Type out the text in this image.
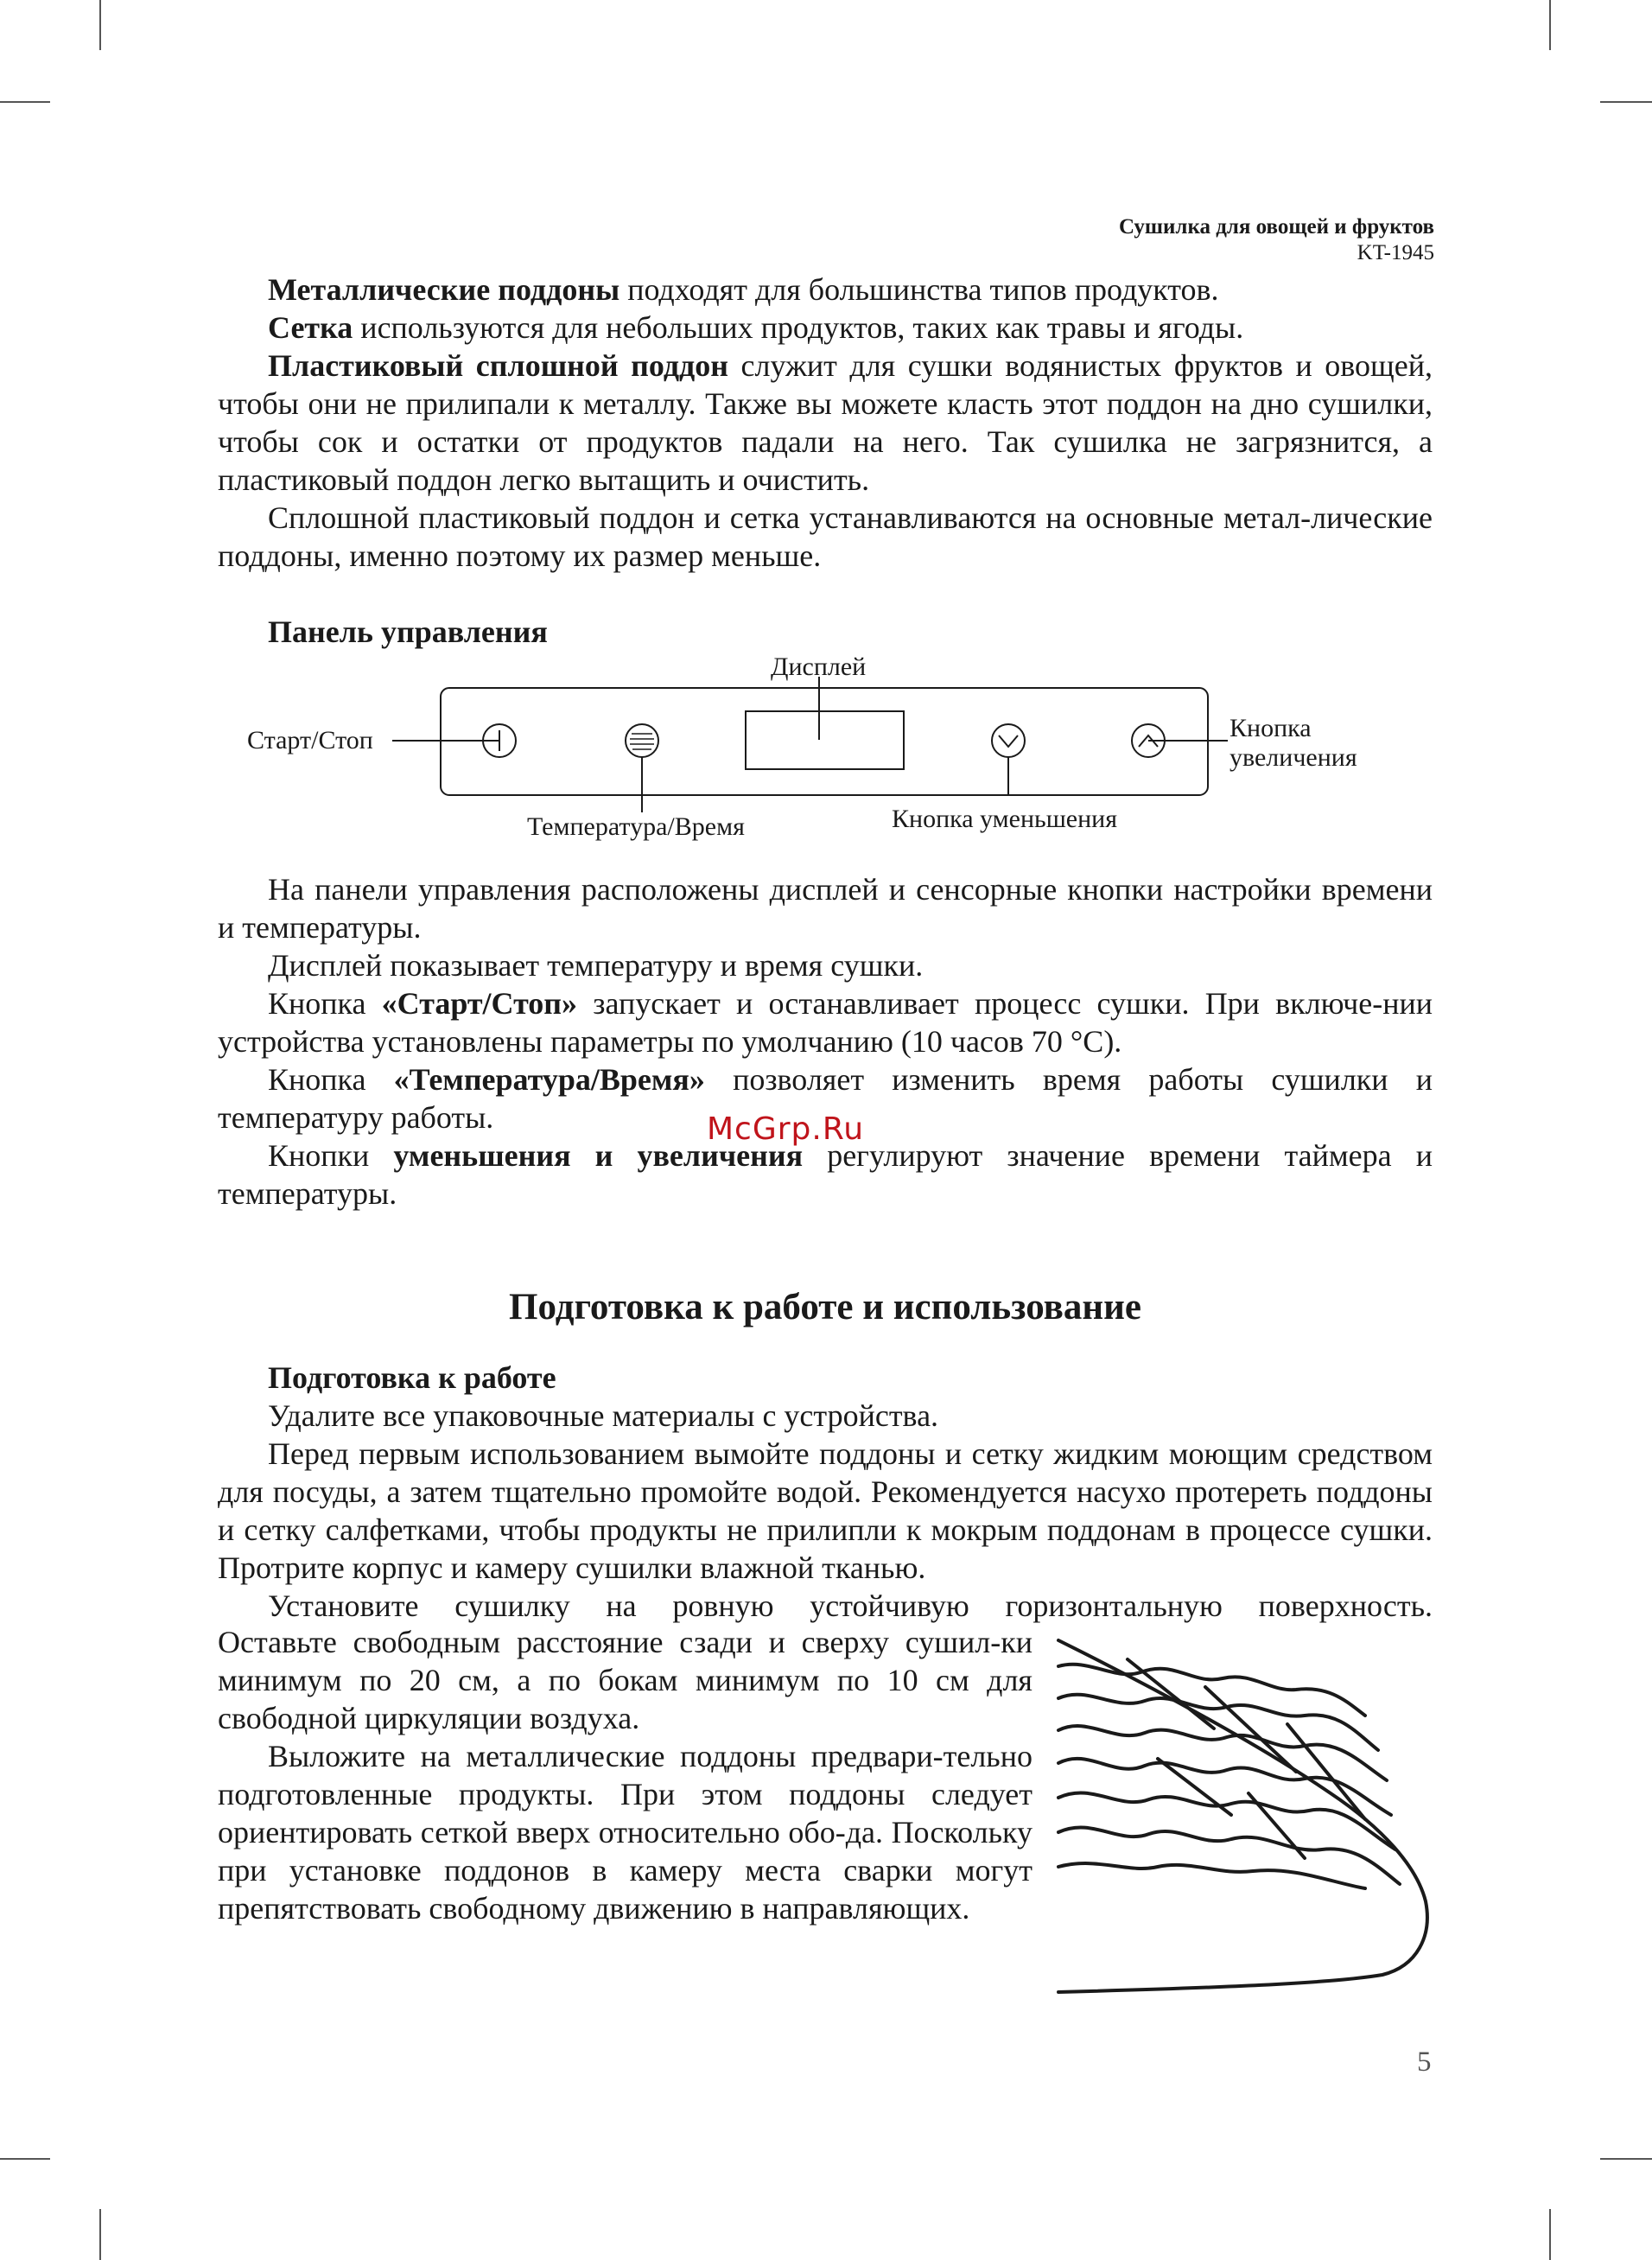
Сушилка для овощей и фруктов
KT-1945

Металлические поддоны подходят для большинства типов продуктов.

Сетка используются для небольших продуктов, таких как травы и ягоды.

Пластиковый сплошной поддон служит для сушки водянистых фруктов и овощей, чтобы они не прилипали к металлу. Также вы можете класть этот поддон на дно сушилки, чтобы сок и остатки от продуктов падали на него. Так сушилка не загрязнится, а пластиковый поддон легко вытащить и очистить.

Сплошной пластиковый поддон и сетка устанавливаются на основные метал-лические поддоны, именно поэтому их размер меньше.

Панель управления
Дисплей
Старт/Стоп	Кнопка
увеличения
Температура/Время	Кнопка уменьшения

На панели управления расположены дисплей и сенсорные кнопки настройки времени и температуры.

Дисплей показывает температуру и время сушки.

Кнопка «Старт/Стоп» запускает и останавливает процесс сушки. При включе-нии устройства установлены параметры по умолчанию (10 часов 70 °С).

Кнопка «Температура/Время» позволяет изменить время работы сушилки и температуру работы.

Кнопки уменьшения и увеличения регулируют значение времени таймера и температуры.

McGrp.Ru
Подготовка к работе и использование
Подготовка к работе

Удалите все упаковочные материалы с устройства.

Перед первым использованием вымойте поддоны и сетку жидким моющим средством для посуды, а затем тщательно промойте водой. Рекомендуется насухо протереть поддоны и сетку салфетками, чтобы продукты не прилипли к мокрым поддонам в процессе сушки. Протрите корпус и камеру сушилки влажной тканью.

Установите сушилку на ровную устойчивую горизонтальную поверхность.

Оставьте свободным расстояние сзади и сверху сушил-ки минимум по 20 см, а по бокам минимум по 10 см для свободной циркуляции воздуха.

Выложите на металлические поддоны предвари-тельно подготовленные продукты. При этом поддоны следует ориентировать сеткой вверх относительно обо-да. Поскольку при установке поддонов в камеру места сварки могут препятствовать свободному движению в направляющих.

5
